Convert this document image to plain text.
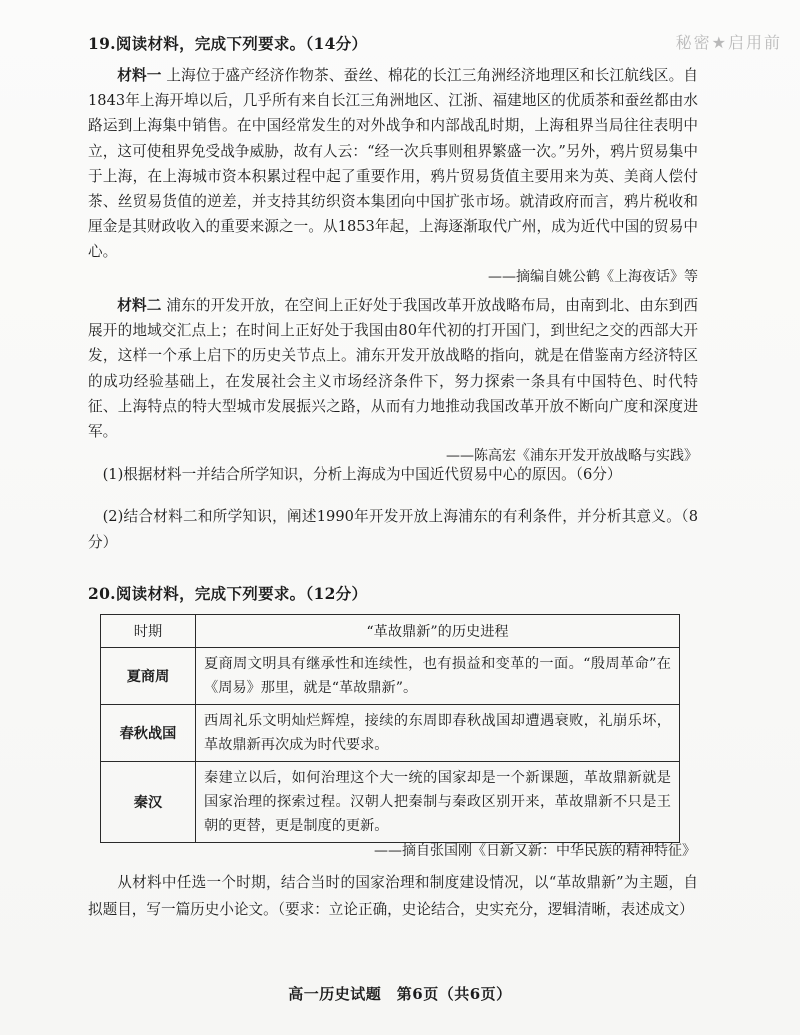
秘密★启用前
19.阅读材料，完成下列要求。（14分）
材料一 上海位于盛产经济作物茶、蚕丝、棉花的长江三角洲经济地理区和长江航线区。自1843年上海开埠以后，几乎所有来自长江三角洲地区、江浙、福建地区的优质茶和蚕丝都由水路运到上海集中销售。在中国经常发生的对外战争和内部战乱时期，上海租界当局往往表明中立，这可使租界免受战争威胁，故有人云：“经一次兵事则租界繁盛一次。”另外，鸦片贸易集中于上海，在上海城市资本积累过程中起了重要作用，鸦片贸易货值主要用来为英、美商人偿付茶、丝贸易货值的逆差，并支持其纺织资本集团向中国扩张市场。就清政府而言，鸦片税收和厘金是其财政收入的重要来源之一。从1853年起，上海逐渐取代广州，成为近代中国的贸易中心。
——摘编自姚公鹤《上海夜话》等
材料二 浦东的开发开放，在空间上正好处于我国改革开放战略布局，由南到北、由东到西展开的地域交汇点上；在时间上正好处于我国由80年代初的打开国门，到世纪之交的西部大开发，这样一个承上启下的历史关节点上。浦东开发开放战略的指向，就是在借鉴南方经济特区的成功经验基础上，在发展社会主义市场经济条件下，努力探索一条具有中国特色、时代特征、上海特点的特大型城市发展振兴之路，从而有力地推动我国改革开放不断向广度和深度进军。
——陈高宏《浦东开发开放战略与实践》
(1)根据材料一并结合所学知识，分析上海成为中国近代贸易中心的原因。（6分）
(2)结合材料二和所学知识，阐述1990年开发开放上海浦东的有利条件，并分析其意义。（8分）
20.阅读材料，完成下列要求。（12分）
时期	“革故鼎新”的历史进程
夏商周	夏商周文明具有继承性和连续性，也有损益和变革的一面。“殷周革命”在《周易》那里，就是“革故鼎新”。
春秋战国	西周礼乐文明灿烂辉煌，接续的东周即春秋战国却遭遇衰败，礼崩乐坏，革故鼎新再次成为时代要求。
秦汉	秦建立以后，如何治理这个大一统的国家却是一个新课题，革故鼎新就是国家治理的探索过程。汉朝人把秦制与秦政区别开来，革故鼎新不只是王朝的更替，更是制度的更新。
——摘自张国刚《日新又新：中华民族的精神特征》
从材料中任选一个时期，结合当时的国家治理和制度建设情况，以“革故鼎新”为主题，自拟题目，写一篇历史小论文。（要求：立论正确，史论结合，史实充分，逻辑清晰，表述成文）
高一历史试题　第6页（共6页）
